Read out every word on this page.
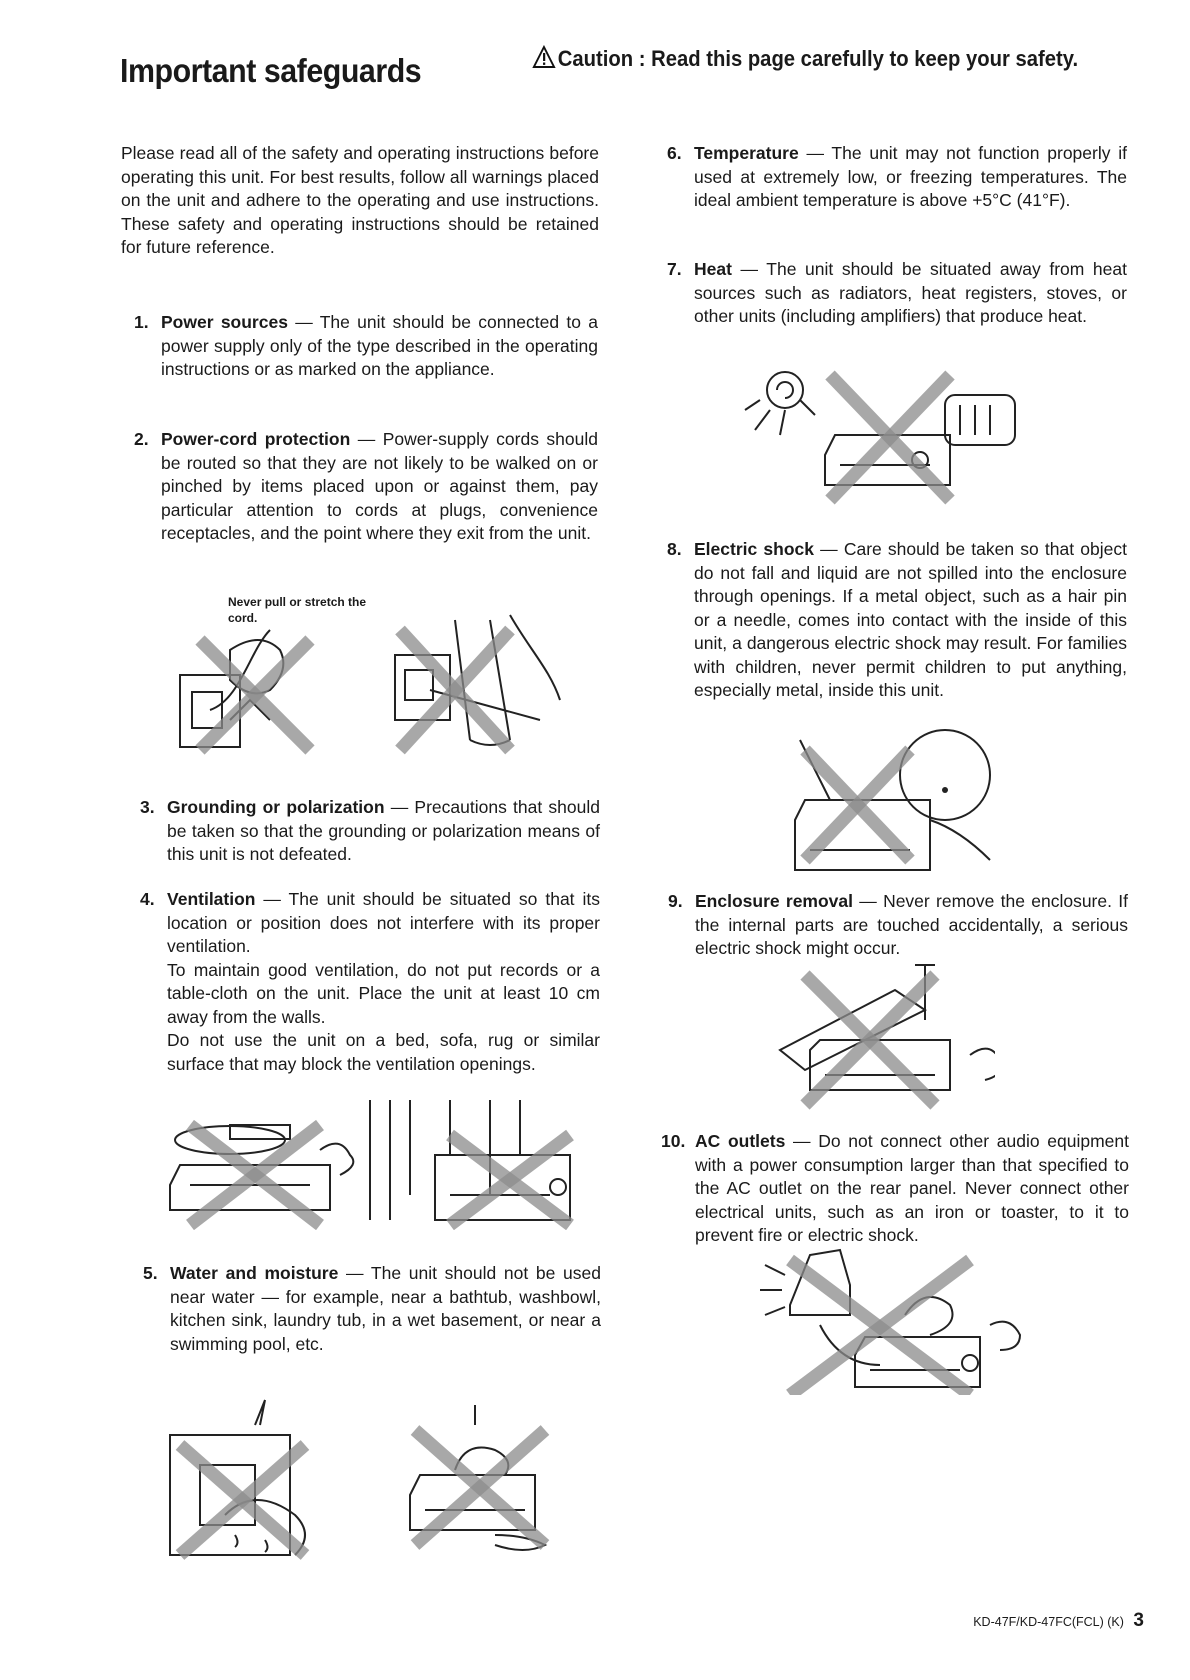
Important safeguards	Caution : Read this page carefully to keep your safety.

Please read all of the safety and operating instructions before operating this unit. For best results, follow all warnings placed on the unit and adhere to the operating and use instructions. These safety and operating instructions should be retained for future reference.

1. Power sources — The unit should be connected to a power supply only of the type described in the operating instructions or as marked on the appliance.
2. Power-cord protection — Power-supply cords should be routed so that they are not likely to be walked on or pinched by items placed upon or against them, pay particular attention to cords at plugs, convenience receptacles, and the point where they exit from the unit.
Never pull or stretch the cord.
3. Grounding or polarization — Precautions that should be taken so that the grounding or polarization means of this unit is not defeated.
4. Ventilation — The unit should be situated so that its location or position does not interfere with its proper ventilation.

To maintain good ventilation, do not put records or a table-cloth on the unit. Place the unit at least 10 cm away from the walls.

Do not use the unit on a bed, sofa, rug or similar surface that may block the ventilation openings.

5. Water and moisture — The unit should not be used near water — for example, near a bathtub, washbowl, kitchen sink, laundry tub, in a wet basement, or near a swimming pool, etc.
6. Temperature — The unit may not function properly if used at extremely low, or freezing temperatures. The ideal ambient temperature is above +5°C (41°F).
7. Heat — The unit should be situated away from heat sources such as radiators, heat registers, stoves, or other units (including amplifiers) that produce heat.
8. Electric shock — Care should be taken so that object do not fall and liquid are not spilled into the enclosure through openings. If a metal object, such as a hair pin or a needle, comes into contact with the inside of this unit, a dangerous electric shock may result. For families with children, never permit children to put anything, especially metal, inside this unit.
9. Enclosure removal — Never remove the enclosure. If the internal parts are touched accidentally, a serious electric shock might occur.
10. AC outlets — Do not connect other audio equipment with a power consumption larger than that specified to the AC outlet on the rear panel. Never connect other electrical units, such as an iron or toaster, to it to prevent fire or electric shock.
KD-47F/KD-47FC(FCL) (K) 3
